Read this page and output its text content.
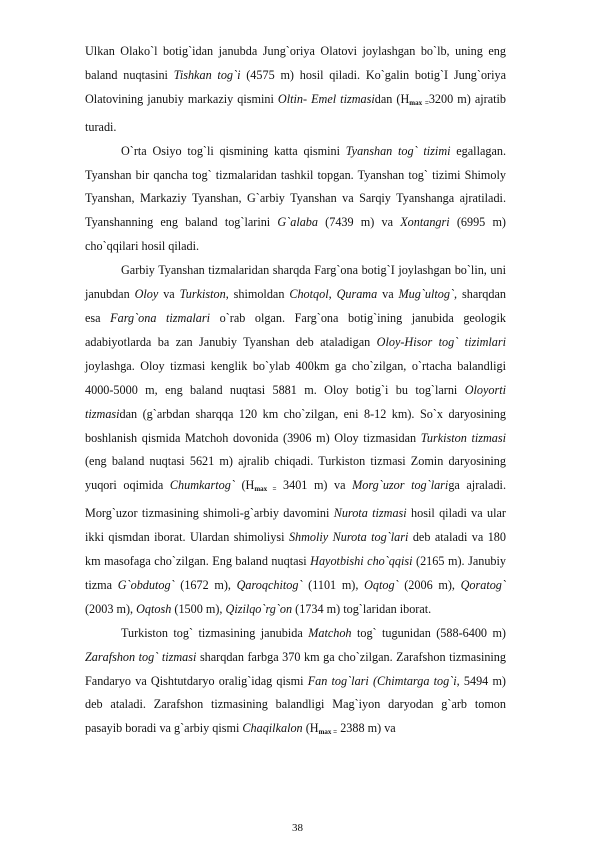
Ulkan Olako`l botig`idan janubda Jung`oriya Olatovi joylashgan bo`lb, uning eng baland nuqtasini Tishkan tog`i (4575 m) hosil qiladi. Ko`galin botig`I Jung`oriya Olatovining janubiy markaziy qismini Oltin- Emel tizmasidan ($H_{max =}3200$ m) ajratib turadi.

O`rta Osiyo tog`li qismining katta qismini Tyanshan tog` tizimi egallagan. Tyanshan bir qancha tog` tizmalaridan tashkil topgan. Tyanshan tog` tizimi Shimoly Tyanshan, Markaziy Tyanshan, G`arbiy Tyanshan va Sarqiy Tyanshanga ajratiladi. Tyanshanning eng baland tog`larini G`alaba (7439 m) va Xontangri (6995 m) cho`qqilari hosil qiladi.

Garbiy Tyanshan tizmalaridan sharqda Farg`ona botig`I joylashgan bo`lin, uni janubdan Oloy va Turkiston, shimoldan Chotqol, Qurama va Mug`ultog`, sharqdan esa Farg`ona tizmalari o`rab olgan. Farg`ona botig`ining janubida geologik adabiyotlarda ba zan Janubiy Tyanshan deb ataladigan Oloy-Hisor tog` tizimlari joylashga. Oloy tizmasi kenglik bo`ylab 400km ga cho`zilgan, o`rtacha balandligi 4000-5000 m, eng baland nuqtasi 5881 m. Oloy botig`i bu tog`larni Oloyorti tizmasidan (g`arbdan sharqqa 120 km cho`zilgan, eni 8-12 km). So`x daryosining boshlanish qismida Matchoh dovonida (3906 m) Oloy tizmasidan Turkiston tizmasi (eng baland nuqtasi 5621 m) ajralib chiqadi. Turkiston tizmasi Zomin daryosining yuqori oqimida Chumkartog` ($H_{max =}$ 3401 m) va Morg`uzor tog`lariga ajraladi. Morg`uzor tizmasining shimoli-g`arbiy davomini Nurota tizmasi hosil qiladi va ular ikki qismdan iborat. Ulardan shimoliysi Shmoliy Nurota tog`lari deb ataladi va 180 km masofaga cho`zilgan. Eng baland nuqtasi Hayotbishi cho`qqisi (2165 m). Janubiy tizma G`obdutog` (1672 m), Qaroqchitog` (1101 m), Oqtog` (2006 m), Qoratog` (2003 m), Oqtosh (1500 m), Qizilqo`rg`on (1734 m) tog`laridan iborat.

Turkiston tog` tizmasining janubida Matchoh tog` tugunidan (588-6400 m) Zarafshon tog` tizmasi sharqdan farbga 370 km ga cho`zilgan. Zarafshon tizmasining Fandaryo va Qishtutdaryo oralig`idag qismi Fan tog`lari (Chimtarga tog`i, 5494 m) deb ataladi. Zarafshon tizmasining balandligi Mag`iyon daryodan g`arb tomon pasayib boradi va g`arbiy qismi Chaqilkalon ($H_{max =}$ 2388 m) va

38
